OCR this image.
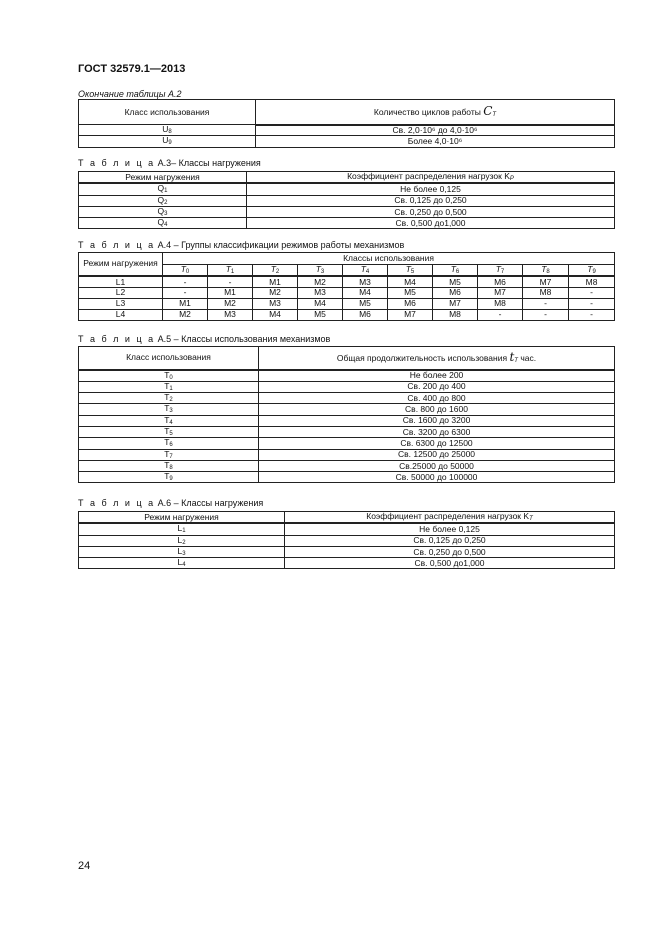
ГОСТ 32579.1—2013
Окончание таблицы А.2
Класс использования	Количество циклов работы CT
U8	Св. 2,0·10⁶ до 4,0·10⁶
U9	Более 4,0·10⁶
Т а б л и ц а А.3– Классы нагружения
Режим нагружения	Коэффициент распределения нагрузок KР
Q1	Не более 0,125
Q2	Св. 0,125 до 0,250
Q3	Св. 0,250 до 0,500
Q4	Св. 0,500 до1,000
Т а б л и ц а А.4 – Группы классификации режимов работы механизмов
Режим нагружения	Классы использования									
	T0	T1	T2	T3	T4	T5	T6	T7	T8	T9
L1	-	-	M1	M2	M3	M4	M5	M6	M7	M8
L2	-	M1	M2	M3	M4	M5	M6	M7	M8	-
L3	M1	M2	M3	M4	M5	M6	M7	M8	-	-
L4	M2	M3	M4	M5	M6	M7	M8	-	-	-
Т а б л и ц а А.5 – Классы использования механизмов
Класс использования	Общая продолжительность использования tT час.
T0	Не более 200
T1	Св. 200 до 400
T2	Св. 400 до 800
T3	Св. 800 до 1600
T4	Св. 1600 до 3200
T5	Св. 3200 до 6300
T6	Св. 6300 до 12500
T7	Св. 12500 до 25000
T8	Св.25000 до 50000
T9	Св. 50000 до 100000
Т а б л и ц а А.6 – Классы нагружения
Режим нагружения	Коэффициент распределения нагрузок KT
L1	Не более 0,125
L2	Св. 0,125 до 0,250
L3	Св. 0,250 до 0,500
L4	Св. 0,500 до1,000
24
